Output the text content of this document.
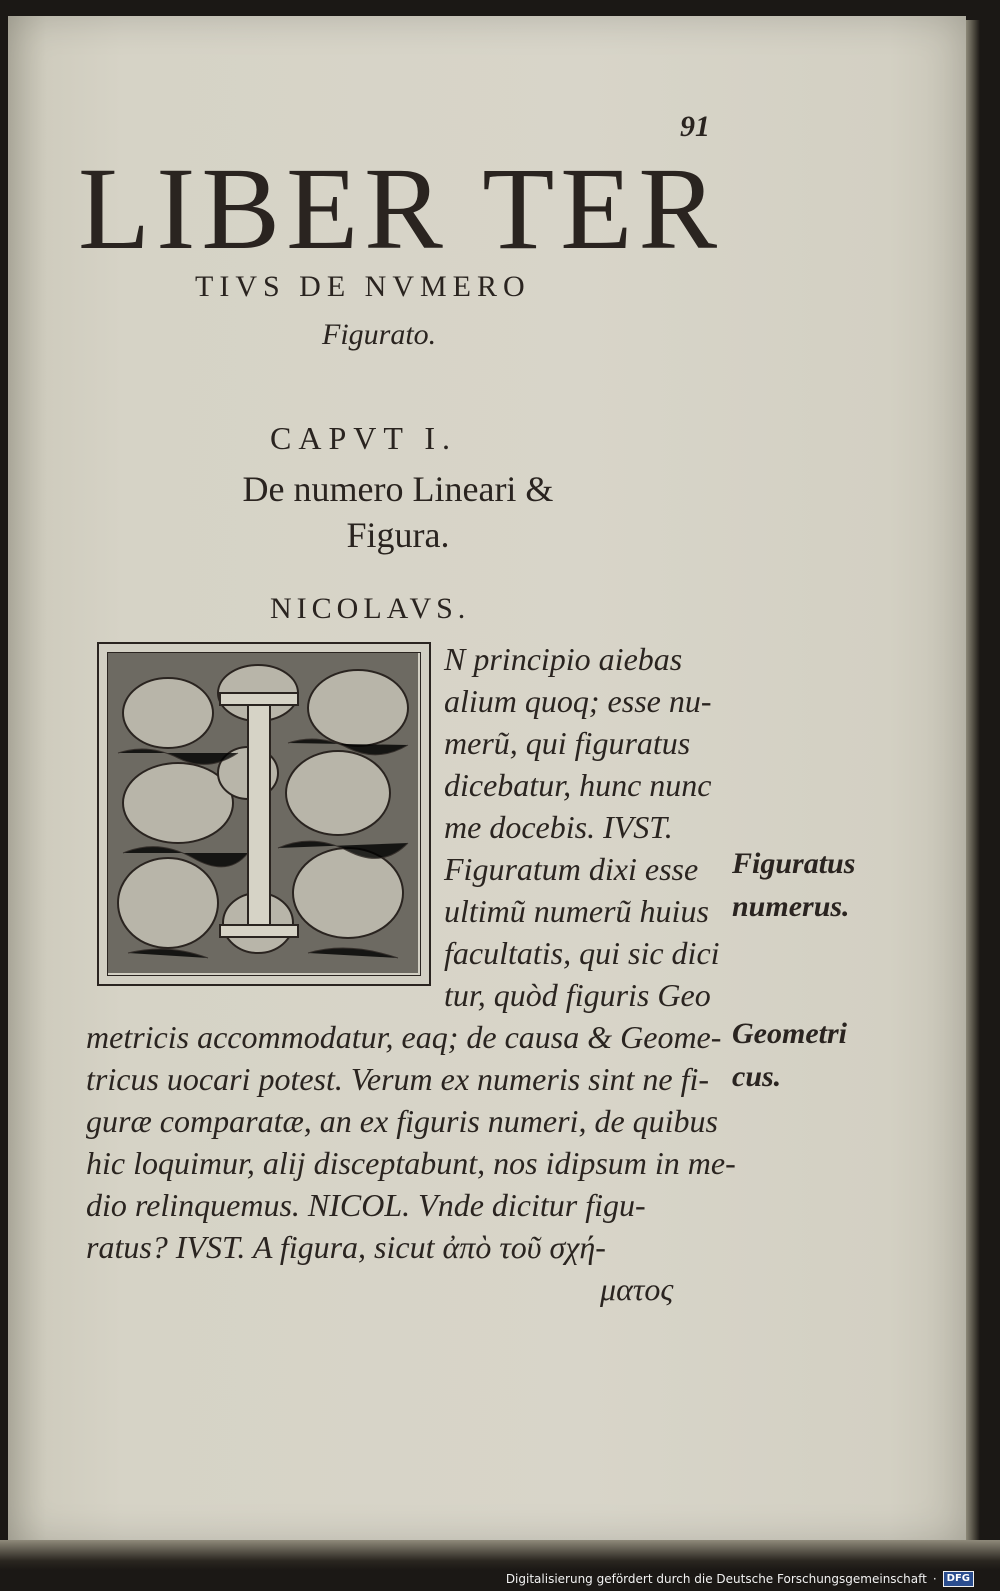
91
LIBER TER
TIVS DE NVMERO
Figurato.
CAPVT I.
De numero Lineari & Figura.
NICOLAVS.
N principio aiebas
alium quoq; esse nu-
merũ, qui figuratus
dicebatur, hunc nunc
me docebis. IVST.
Figuratum dixi esse
ultimũ numerũ huius
facultatis, qui sic dici
tur, quòd figuris Geo
metricis accommodatur, eaq; de causa & Geome-
tricus uocari potest. Verum ex numeris sint ne fi-
guræ comparatæ, an ex figuris numeri, de quibus
hic loquimur, alij disceptabunt, nos idipsum in me-
dio relinquemus. NICOL. Vnde dicitur figu-
ratus? IVST. A figura, sicut ἀπὸ τοῦ σχή-
ματος
Figuratus
numerus.
Geometri
cus.
Digitalisierung gefördert durch die Deutsche Forschungsgemeinschaft ·	DFG
